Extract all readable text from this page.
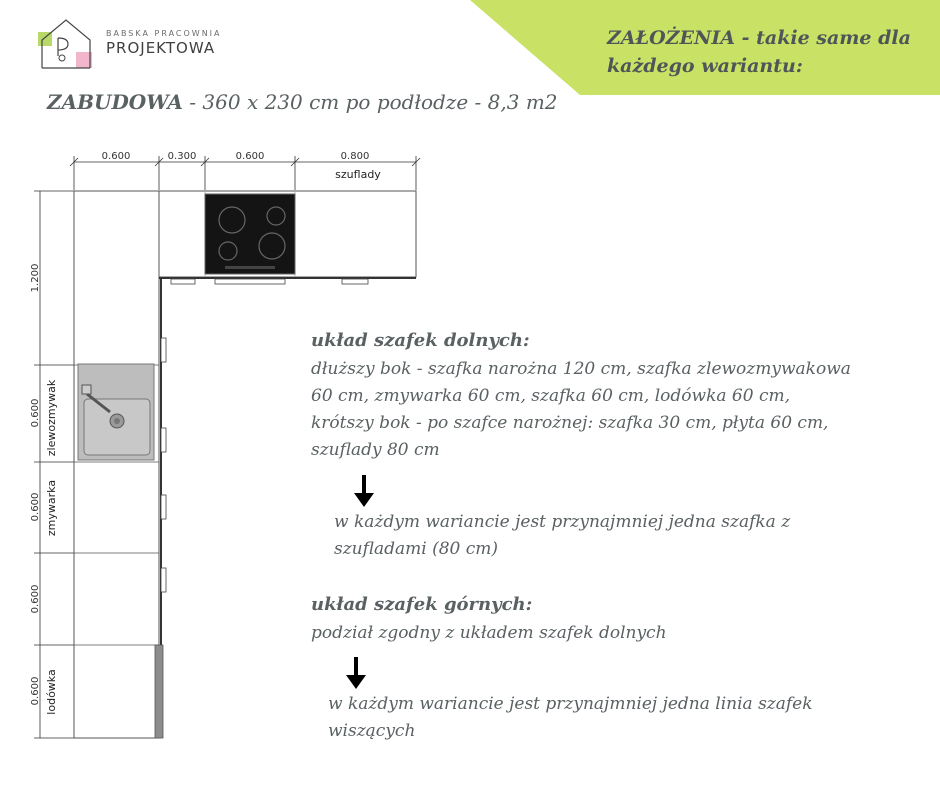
ZAŁOŻENIA - takie same dla każdego wariantu:
BABSKA PRACOWNIA
PROJEKTOWA
ZABUDOWA - 360 x 230 cm po podłodze - 8,3 m2
0.600	0.300	0.600	0.800
szuflady
1.200
0.600
0.600
0.600
0.600
zlewozmywak
zmywarka
lodówka
układ szafek dolnych:
dłuższy bok - szafka narożna 120 cm, szafka zlewozmywakowa
60 cm, zmywarka 60 cm, szafka 60 cm, lodówka 60 cm,
krótszy bok - po szafce narożnej: szafka 30 cm, płyta 60 cm,
szuflady 80 cm
w każdym wariancie jest przynajmniej jedna szafka z
szufladami (80 cm)
układ szafek górnych:
podział zgodny z układem szafek dolnych
w każdym wariancie jest przynajmniej jedna linia szafek
wiszących
